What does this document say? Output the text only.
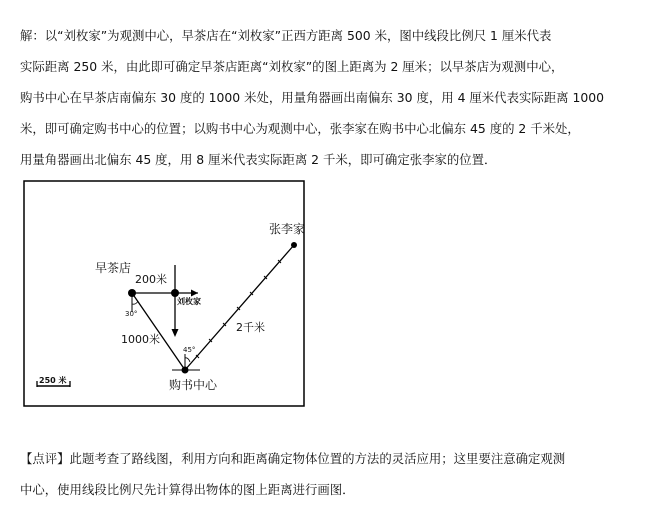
解：以“刘枚家”为观测中心，早茶店在“刘枚家”正西方距离 500 米，图中线段比例尺 1 厘米代表
实际距离 250 米，由此即可确定早茶店距离“刘枚家”的图上距离为 2 厘米；以早茶店为观测中心，
购书中心在早茶店南偏东 30 度的 1000 米处，用量角器画出南偏东 30 度，用 4 厘米代表实际距离 1000
米，即可确定购书中心的位置；以购书中心为观测中心，张李家在购书中心北偏东 45 度的 2 千米处，
用量角器画出北偏东 45 度，用 8 厘米代表实际距离 2 千米，即可确定张李家的位置．
张李家
早茶店
刘枚家
200米
1000米
2千米
30°
45°
购书中心
250 米
【点评】此题考查了路线图，利用方向和距离确定物体位置的方法的灵活应用；这里要注意确定观测
中心，使用线段比例尺先计算得出物体的图上距离进行画图．
